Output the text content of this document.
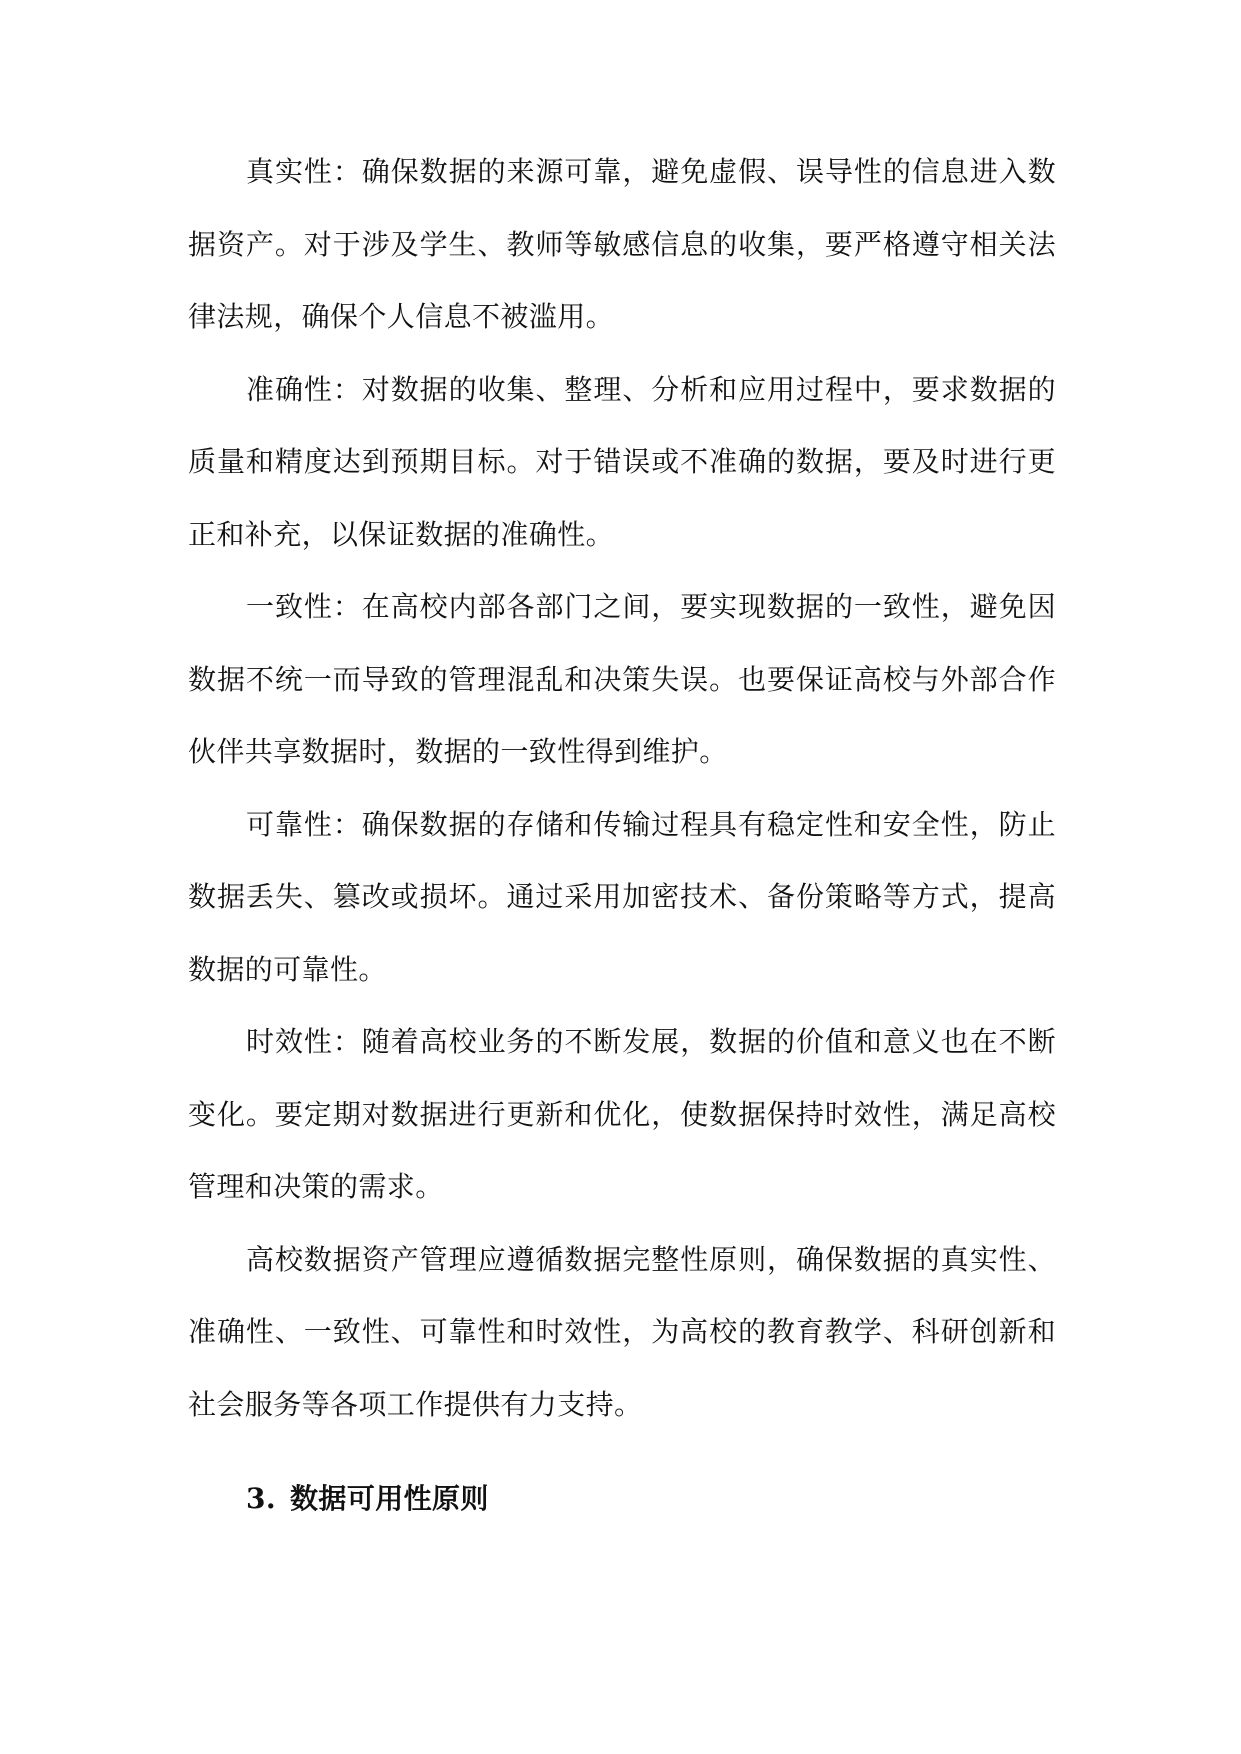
真实性：确保数据的来源可靠，避免虚假、误导性的信息进入数据资产。对于涉及学生、教师等敏感信息的收集，要严格遵守相关法律法规，确保个人信息不被滥用。

准确性：对数据的收集、整理、分析和应用过程中，要求数据的质量和精度达到预期目标。对于错误或不准确的数据，要及时进行更正和补充，以保证数据的准确性。

一致性：在高校内部各部门之间，要实现数据的一致性，避免因数据不统一而导致的管理混乱和决策失误。也要保证高校与外部合作伙伴共享数据时，数据的一致性得到维护。

可靠性：确保数据的存储和传输过程具有稳定性和安全性，防止数据丢失、篡改或损坏。通过采用加密技术、备份策略等方式，提高数据的可靠性。

时效性：随着高校业务的不断发展，数据的价值和意义也在不断变化。要定期对数据进行更新和优化，使数据保持时效性，满足高校管理和决策的需求。

高校数据资产管理应遵循数据完整性原则，确保数据的真实性、准确性、一致性、可靠性和时效性，为高校的教育教学、科研创新和社会服务等各项工作提供有力支持。

3. 数据可用性原则
